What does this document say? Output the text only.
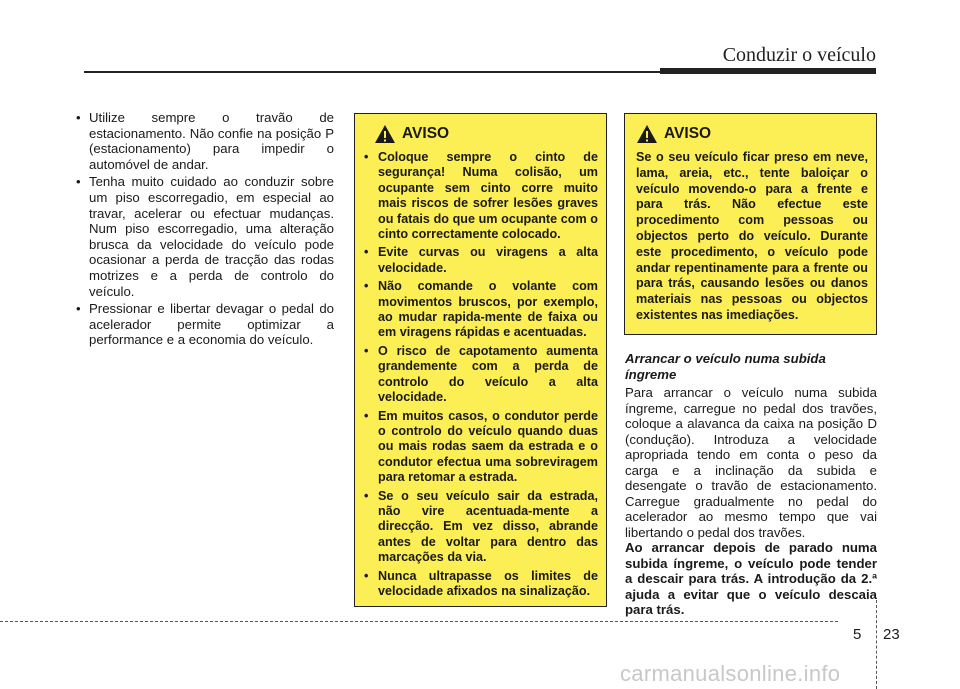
Conduzir o veículo
• Utilize sempre o travão de estacionamento. Não confie na posição P (estacionamento) para impedir o automóvel de andar.
• Tenha muito cuidado ao conduzir sobre um piso escorregadio, em especial ao travar, acelerar ou efectuar mudanças. Num piso escorregadio, uma alteração brusca da velocidade do veículo pode ocasionar a perda de tracção das rodas motrizes e a perda de controlo do veículo.
• Pressionar e libertar devagar o pedal do acelerador permite optimizar a performance e a economia do veículo.
AVISO
• Coloque sempre o cinto de segurança! Numa colisão, um ocupante sem cinto corre muito mais riscos de sofrer lesões graves ou fatais do que um ocupante com o cinto correctamente colocado.
• Evite curvas ou viragens a alta velocidade.
• Não comande o volante com movimentos bruscos, por exemplo, ao mudar rapida-mente de faixa ou em viragens rápidas e acentuadas.
• O risco de capotamento aumenta grandemente com a perda de controlo do veículo a alta velocidade.
• Em muitos casos, o condutor perde o controlo do veículo quando duas ou mais rodas saem da estrada e o condutor efectua uma sobreviragem para retomar a estrada.
• Se o seu veículo sair da estrada, não vire acentuada-mente a direcção. Em vez disso, abrande antes de voltar para dentro das marcações da via.
• Nunca ultrapasse os limites de velocidade afixados na sinalização.
AVISO

Se o seu veículo ficar preso em neve, lama, areia, etc., tente baloiçar o veículo movendo-o para a frente e para trás. Não efectue este procedimento com pessoas ou objectos perto do veículo. Durante este procedimento, o veículo pode andar repentinamente para a frente ou para trás, causando lesões ou danos materiais nas pessoas ou objectos existentes nas imediações.

Arrancar o veículo numa subida íngreme

Para arrancar o veículo numa subida íngreme, carregue no pedal dos travões, coloque a alavanca da caixa na posição D (condução). Introduza a velocidade apropriada tendo em conta o peso da carga e a inclinação da subida e desengate o travão de estacionamento. Carregue gradualmente no pedal do acelerador ao mesmo tempo que vai libertando o pedal dos travões.

Ao arrancar depois de parado numa subida íngreme, o veículo pode tender a descair para trás. A introdução da 2.ª ajuda a evitar que o veículo descaia para trás.

5 23
carmanualsonline.info
